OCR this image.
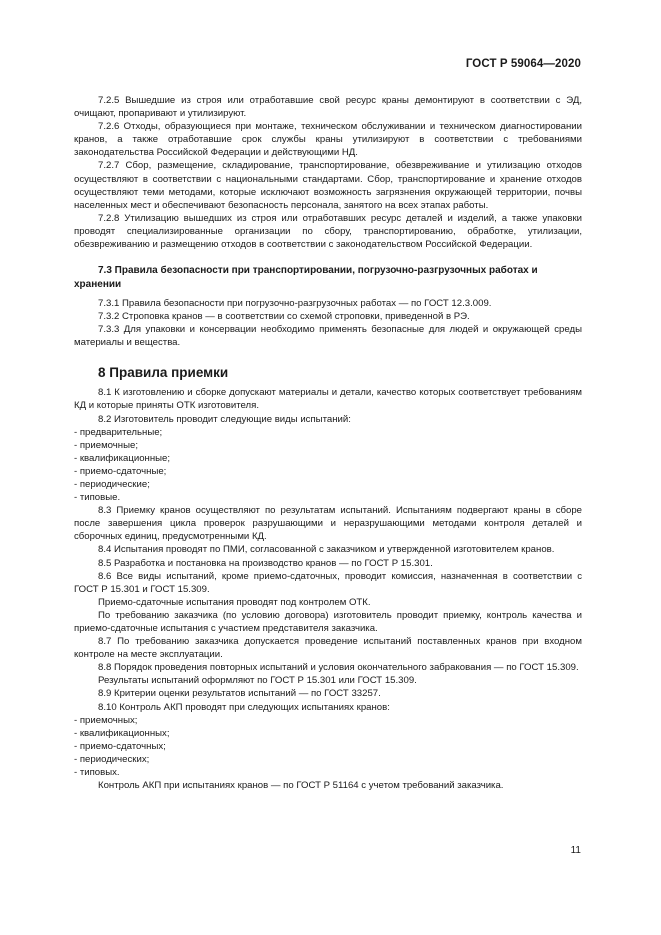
ГОСТ Р 59064—2020

7.2.5 Вышедшие из строя или отработавшие свой ресурс краны демонтируют в соответствии с ЭД, очищают, пропаривают и утилизируют.

7.2.6 Отходы, образующиеся при монтаже, техническом обслуживании и техническом диагностировании кранов, а также отработавшие срок службы краны утилизируют в соответствии с требованиями законодательства Российской Федерации и действующими НД.

7.2.7 Сбор, размещение, складирование, транспортирование, обезвреживание и утилизацию отходов осуществляют в соответствии с национальными стандартами. Сбор, транспортирование и хранение отходов осуществляют теми методами, которые исключают возможность загрязнения окружающей территории, почвы населенных мест и обеспечивают безопасность персонала, занятого на всех этапах работы.

7.2.8 Утилизацию вышедших из строя или отработавших ресурс деталей и изделий, а также упаковки проводят специализированные организации по сбору, транспортированию, обработке, утилизации, обезвреживанию и размещению отходов в соответствии с законодательством Российской Федерации.

7.3 Правила безопасности при транспортировании, погрузочно-разгрузочных работах и хранении

7.3.1 Правила безопасности при погрузочно-разгрузочных работах — по ГОСТ 12.3.009.

7.3.2 Строповка кранов — в соответствии со схемой строповки, приведенной в РЭ.

7.3.3 Для упаковки и консервации необходимо применять безопасные для людей и окружающей среды материалы и вещества.

8 Правила приемки

8.1 К изготовлению и сборке допускают материалы и детали, качество которых соответствует требованиям КД и которые приняты ОТК изготовителя.

8.2 Изготовитель проводит следующие виды испытаний:

- предварительные;

- приемочные;

- квалификационные;

- приемо-сдаточные;

- периодические;

- типовые.

8.3 Приемку кранов осуществляют по результатам испытаний. Испытаниям подвергают краны в сборе после завершения цикла проверок разрушающими и неразрушающими методами контроля деталей и сборочных единиц, предусмотренными КД.

8.4 Испытания проводят по ПМИ, согласованной с заказчиком и утвержденной изготовителем кранов.

8.5 Разработка и постановка на производство кранов — по ГОСТ Р 15.301.

8.6 Все виды испытаний, кроме приемо-сдаточных, проводит комиссия, назначенная в соответствии с ГОСТ Р 15.301 и ГОСТ 15.309.

Приемо-сдаточные испытания проводят под контролем ОТК.

По требованию заказчика (по условию договора) изготовитель проводит приемку, контроль качества и приемо-сдаточные испытания с участием представителя заказчика.

8.7 По требованию заказчика допускается проведение испытаний поставленных кранов при входном контроле на месте эксплуатации.

8.8 Порядок проведения повторных испытаний и условия окончательного забракования — по ГОСТ 15.309.

Результаты испытаний оформляют по ГОСТ Р 15.301 или ГОСТ 15.309.

8.9 Критерии оценки результатов испытаний — по ГОСТ 33257.

8.10 Контроль АКП проводят при следующих испытаниях кранов:

- приемочных;

- квалификационных;

- приемо-сдаточных;

- периодических;

- типовых.

Контроль АКП при испытаниях кранов — по ГОСТ Р 51164 с учетом требований заказчика.

11
